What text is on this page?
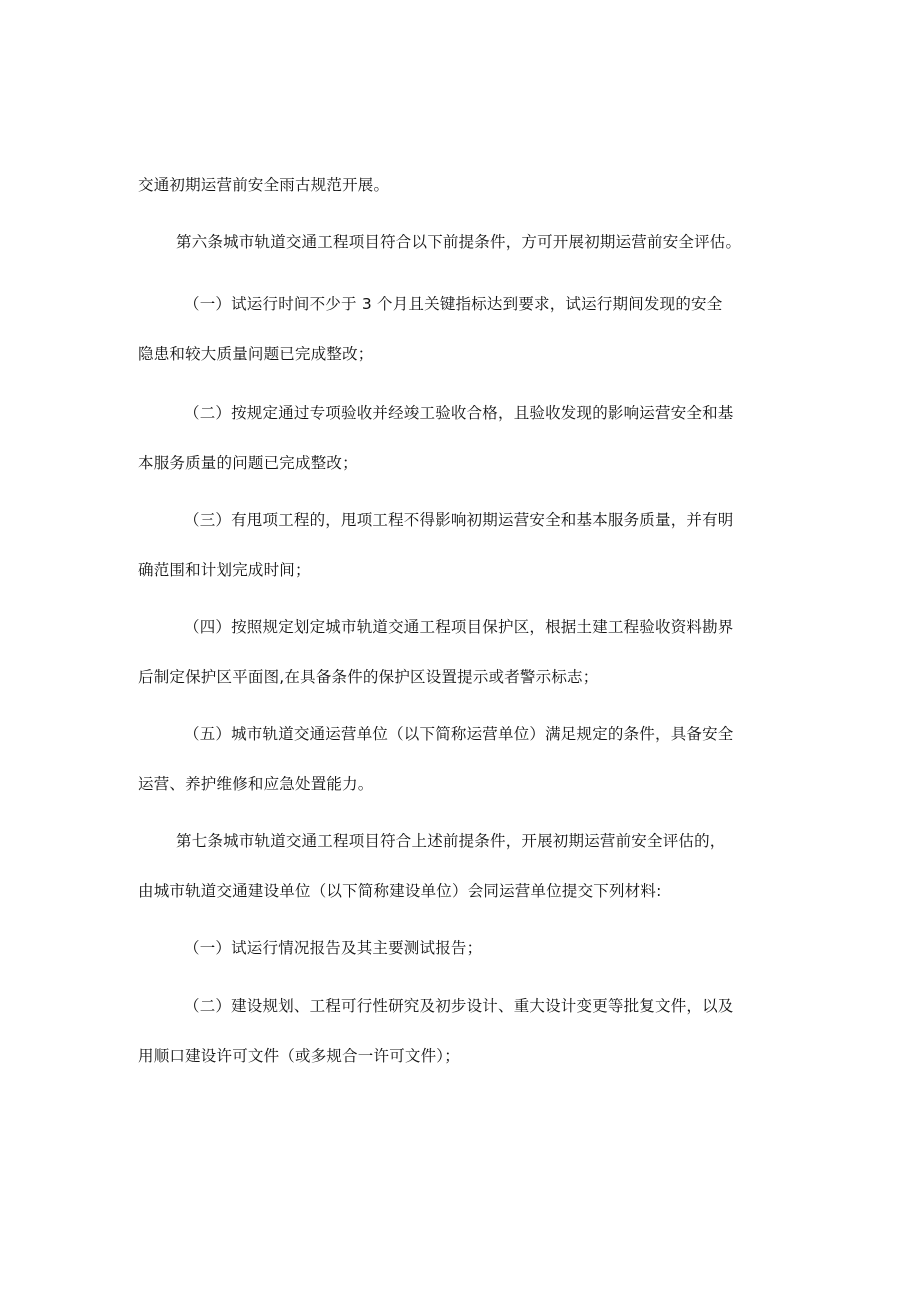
交通初期运营前安全雨古规范开展。
第六条城市轨道交通工程项目符合以下前提条件，方可开展初期运营前安全评估。
（一）试运行时间不少于 3 个月且关键指标达到要求，试运行期间发现的安全
隐患和较大质量问题已完成整改；
（二）按规定通过专项验收并经竣工验收合格，且验收发现的影响运营安全和基
本服务质量的问题已完成整改；
（三）有甩项工程的，甩项工程不得影响初期运营安全和基本服务质量，并有明
确范围和计划完成时间；
（四）按照规定划定城市轨道交通工程项目保护区，根据土建工程验收资料勘界
后制定保护区平面图,在具备条件的保护区设置提示或者警示标志；
（五）城市轨道交通运营单位（以下简称运营单位）满足规定的条件，具备安全
运营、养护维修和应急处置能力。
第七条城市轨道交通工程项目符合上述前提条件，开展初期运营前安全评估的，
由城市轨道交通建设单位（以下简称建设单位）会同运营单位提交下列材料:
（一）试运行情况报告及其主要测试报告；
（二）建设规划、工程可行性研究及初步设计、重大设计变更等批复文件，以及
用顺口建设许可文件（或多规合一许可文件）；
